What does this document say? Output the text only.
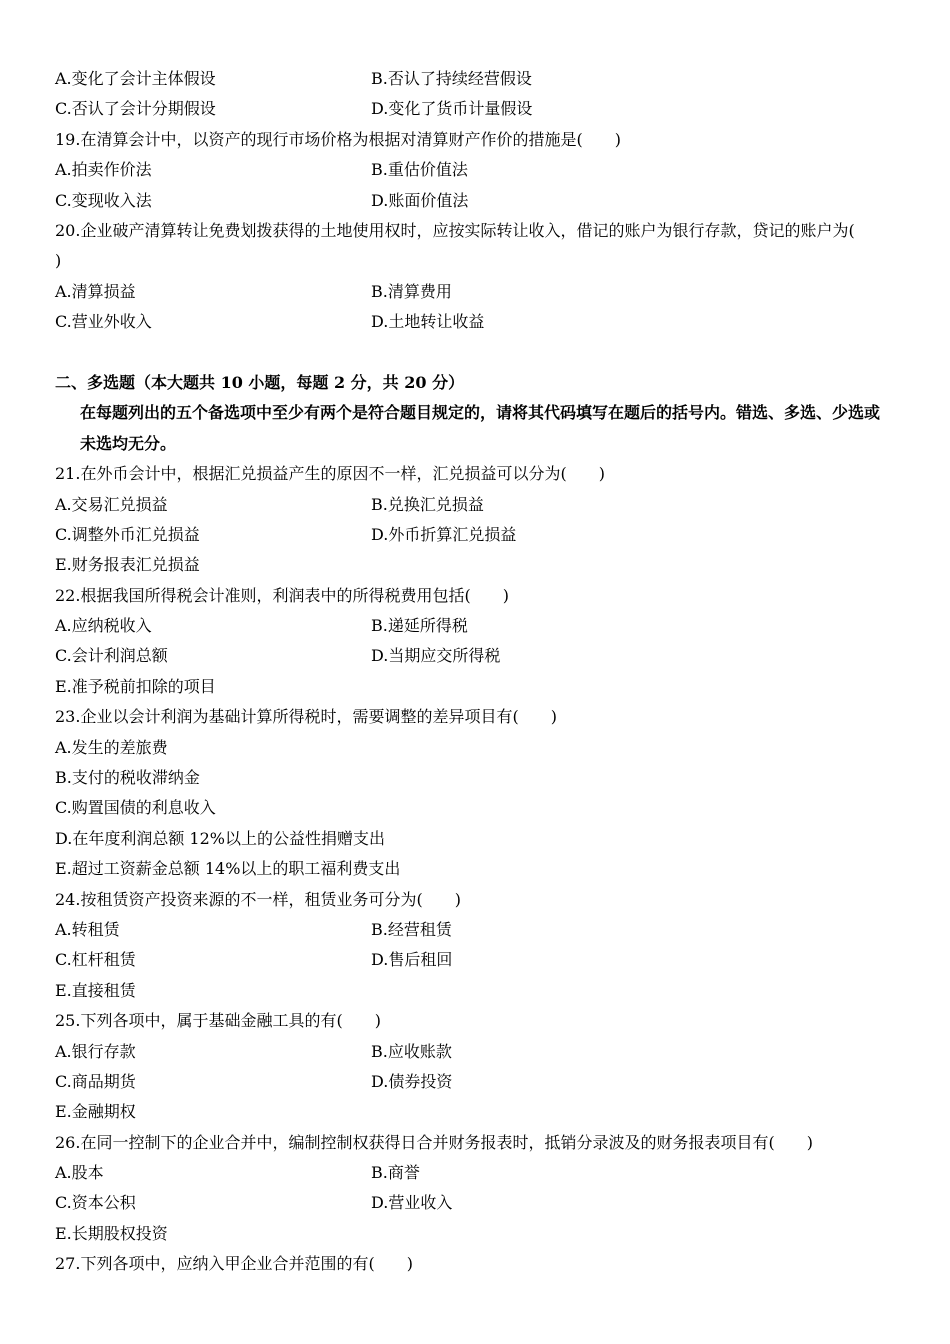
A.变化了会计主体假设	B.否认了持续经营假设
C.否认了会计分期假设	D.变化了货币计量假设
19.在清算会计中，以资产的现行市场价格为根据对清算财产作价的措施是(　　)
A.拍卖作价法	B.重估价值法
C.变现收入法	D.账面价值法
20.企业破产清算转让免费划拨获得的土地使用权时，应按实际转让收入，借记的账户为银行存款，贷记的账户为(
)
A.清算损益	B.清算费用
C.营业外收入	D.土地转让收益
二、多选题（本大题共 10 小题，每题 2 分，共 20 分）
在每题列出的五个备选项中至少有两个是符合题目规定的，请将其代码填写在题后的括号内。错选、多选、少选或未选均无分。
21.在外币会计中，根据汇兑损益产生的原因不一样，汇兑损益可以分为(　　)
A.交易汇兑损益	B.兑换汇兑损益
C.调整外币汇兑损益	D.外币折算汇兑损益
E.财务报表汇兑损益
22.根据我国所得税会计准则，利润表中的所得税费用包括(　　)
A.应纳税收入	B.递延所得税
C.会计利润总额	D.当期应交所得税
E.准予税前扣除的项目
23.企业以会计利润为基础计算所得税时，需要调整的差异项目有(　　)
A.发生的差旅费
B.支付的税收滞纳金
C.购置国债的利息收入
D.在年度利润总额 12%以上的公益性捐赠支出
E.超过工资薪金总额 14%以上的职工福利费支出
24.按租赁资产投资来源的不一样，租赁业务可分为(　　)
A.转租赁	B.经营租赁
C.杠杆租赁	D.售后租回
E.直接租赁
25.下列各项中，属于基础金融工具的有(　　)
A.银行存款	B.应收账款
C.商品期货	D.债券投资
E.金融期权
26.在同一控制下的企业合并中，编制控制权获得日合并财务报表时，抵销分录波及的财务报表项目有(　　)
A.股本	B.商誉
C.资本公积	D.营业收入
E.长期股权投资
27.下列各项中，应纳入甲企业合并范围的有(　　)
